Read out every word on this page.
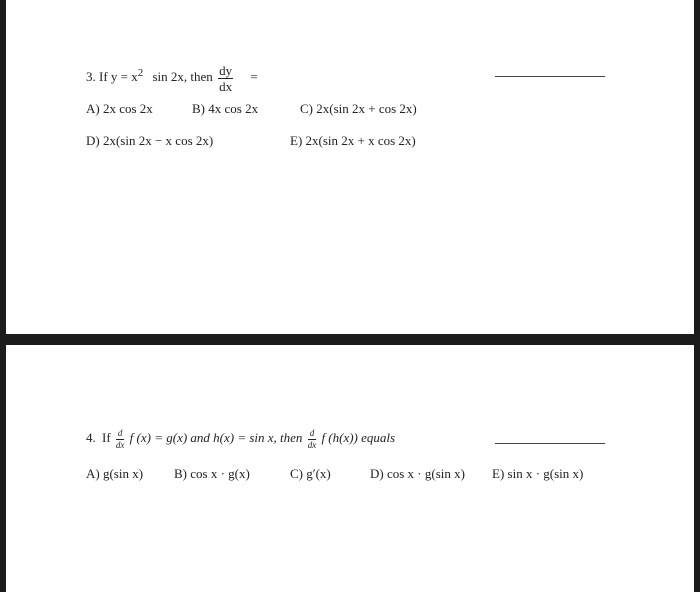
3. If $y = x^2$ sin 2x, then $\frac{dy}{dx}$ =
A) 2x cos 2x	B) 4x cos 2x	C) 2x(sin 2x + cos 2x)
D) 2x(sin 2x − x cos 2x)	E) 2x(sin 2x + x cos 2x)
4. If $\frac{d}{dx}$ f (x) = g(x) and h(x) = sin x, then $\frac{d}{dx}$ f (h(x)) equals
A) g(sin x) B) cos x · g(x)	C) g′(x)	D) cos x · g(sin x) E) sin x · g(sin x)
